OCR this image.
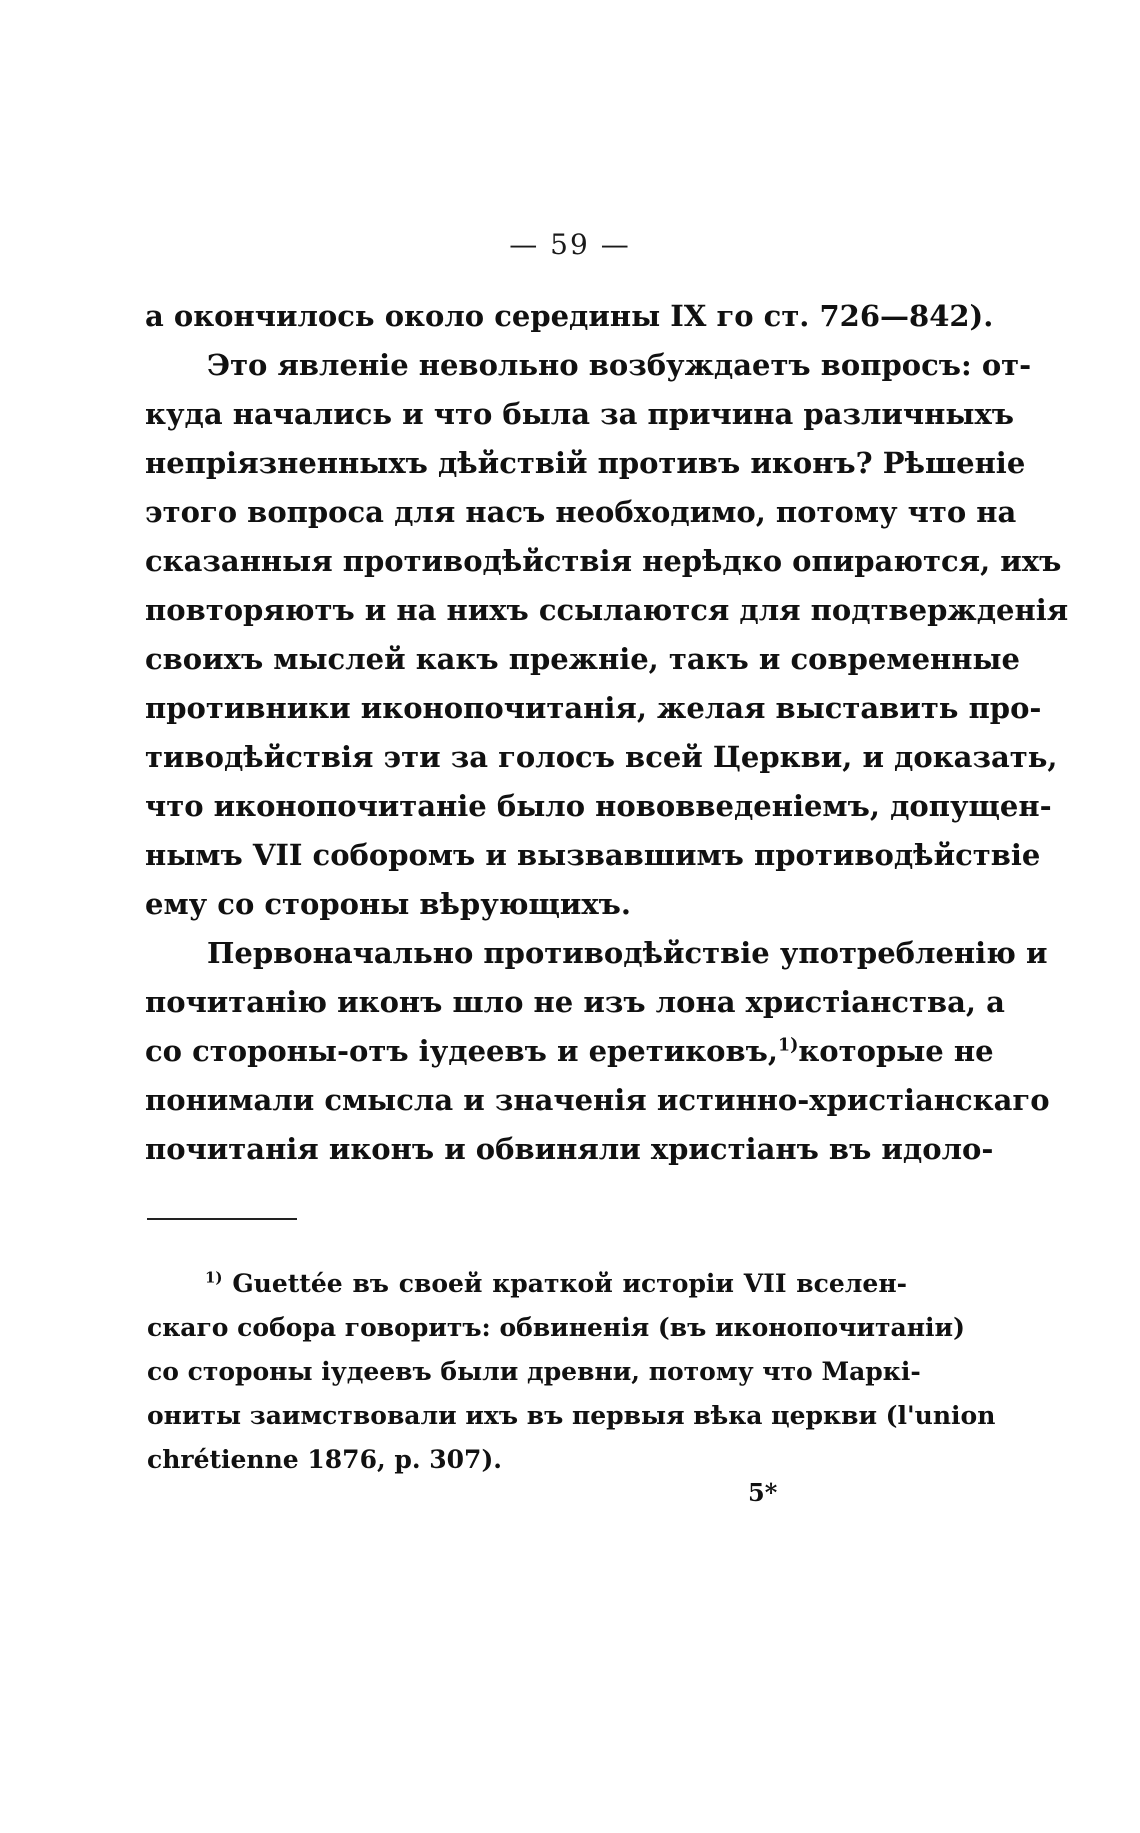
— 59 —
а окончилось около середины IX го ст. 726—842).
Это явленіе невольно возбуждаетъ вопросъ: от-
куда начались и что была за причина различныхъ
непріязненныхъ дѣйствій противъ иконъ? Рѣшеніе
этого вопроса для насъ необходимо, потому что на
сказанныя противодѣйствія нерѣдко опираются, ихъ
повторяютъ и на нихъ ссылаются для подтвержденія
своихъ мыслей какъ прежніе, такъ и современные
противники иконопочитанія, желая выставить про-
тиводѣйствія эти за голосъ всей Церкви, и доказать,
что иконопочитаніе было нововведеніемъ, допущен-
нымъ VII соборомъ и вызвавшимъ противодѣйствіе
ему со стороны вѣрующихъ.
Первоначально противодѣйствіе употребленію и
почитанію иконъ шло не изъ лона христіанства, а
со стороны-отъ іудеевъ и еретиковъ,$^{1)}$которые не
понимали смысла и значенія истинно-христіанскаго
почитанія иконъ и обвиняли христіанъ въ идоло-
$^{1)}$ Guettée въ своей краткой исторіи VII вселен-
скаго собора говоритъ: обвиненія (въ иконопочитаніи)
со стороны іудеевъ были древни, потому что Маркі-
ониты заимствовали ихъ въ первыя вѣка церкви (l'union
chrétienne 1876, p. 307).
5*
